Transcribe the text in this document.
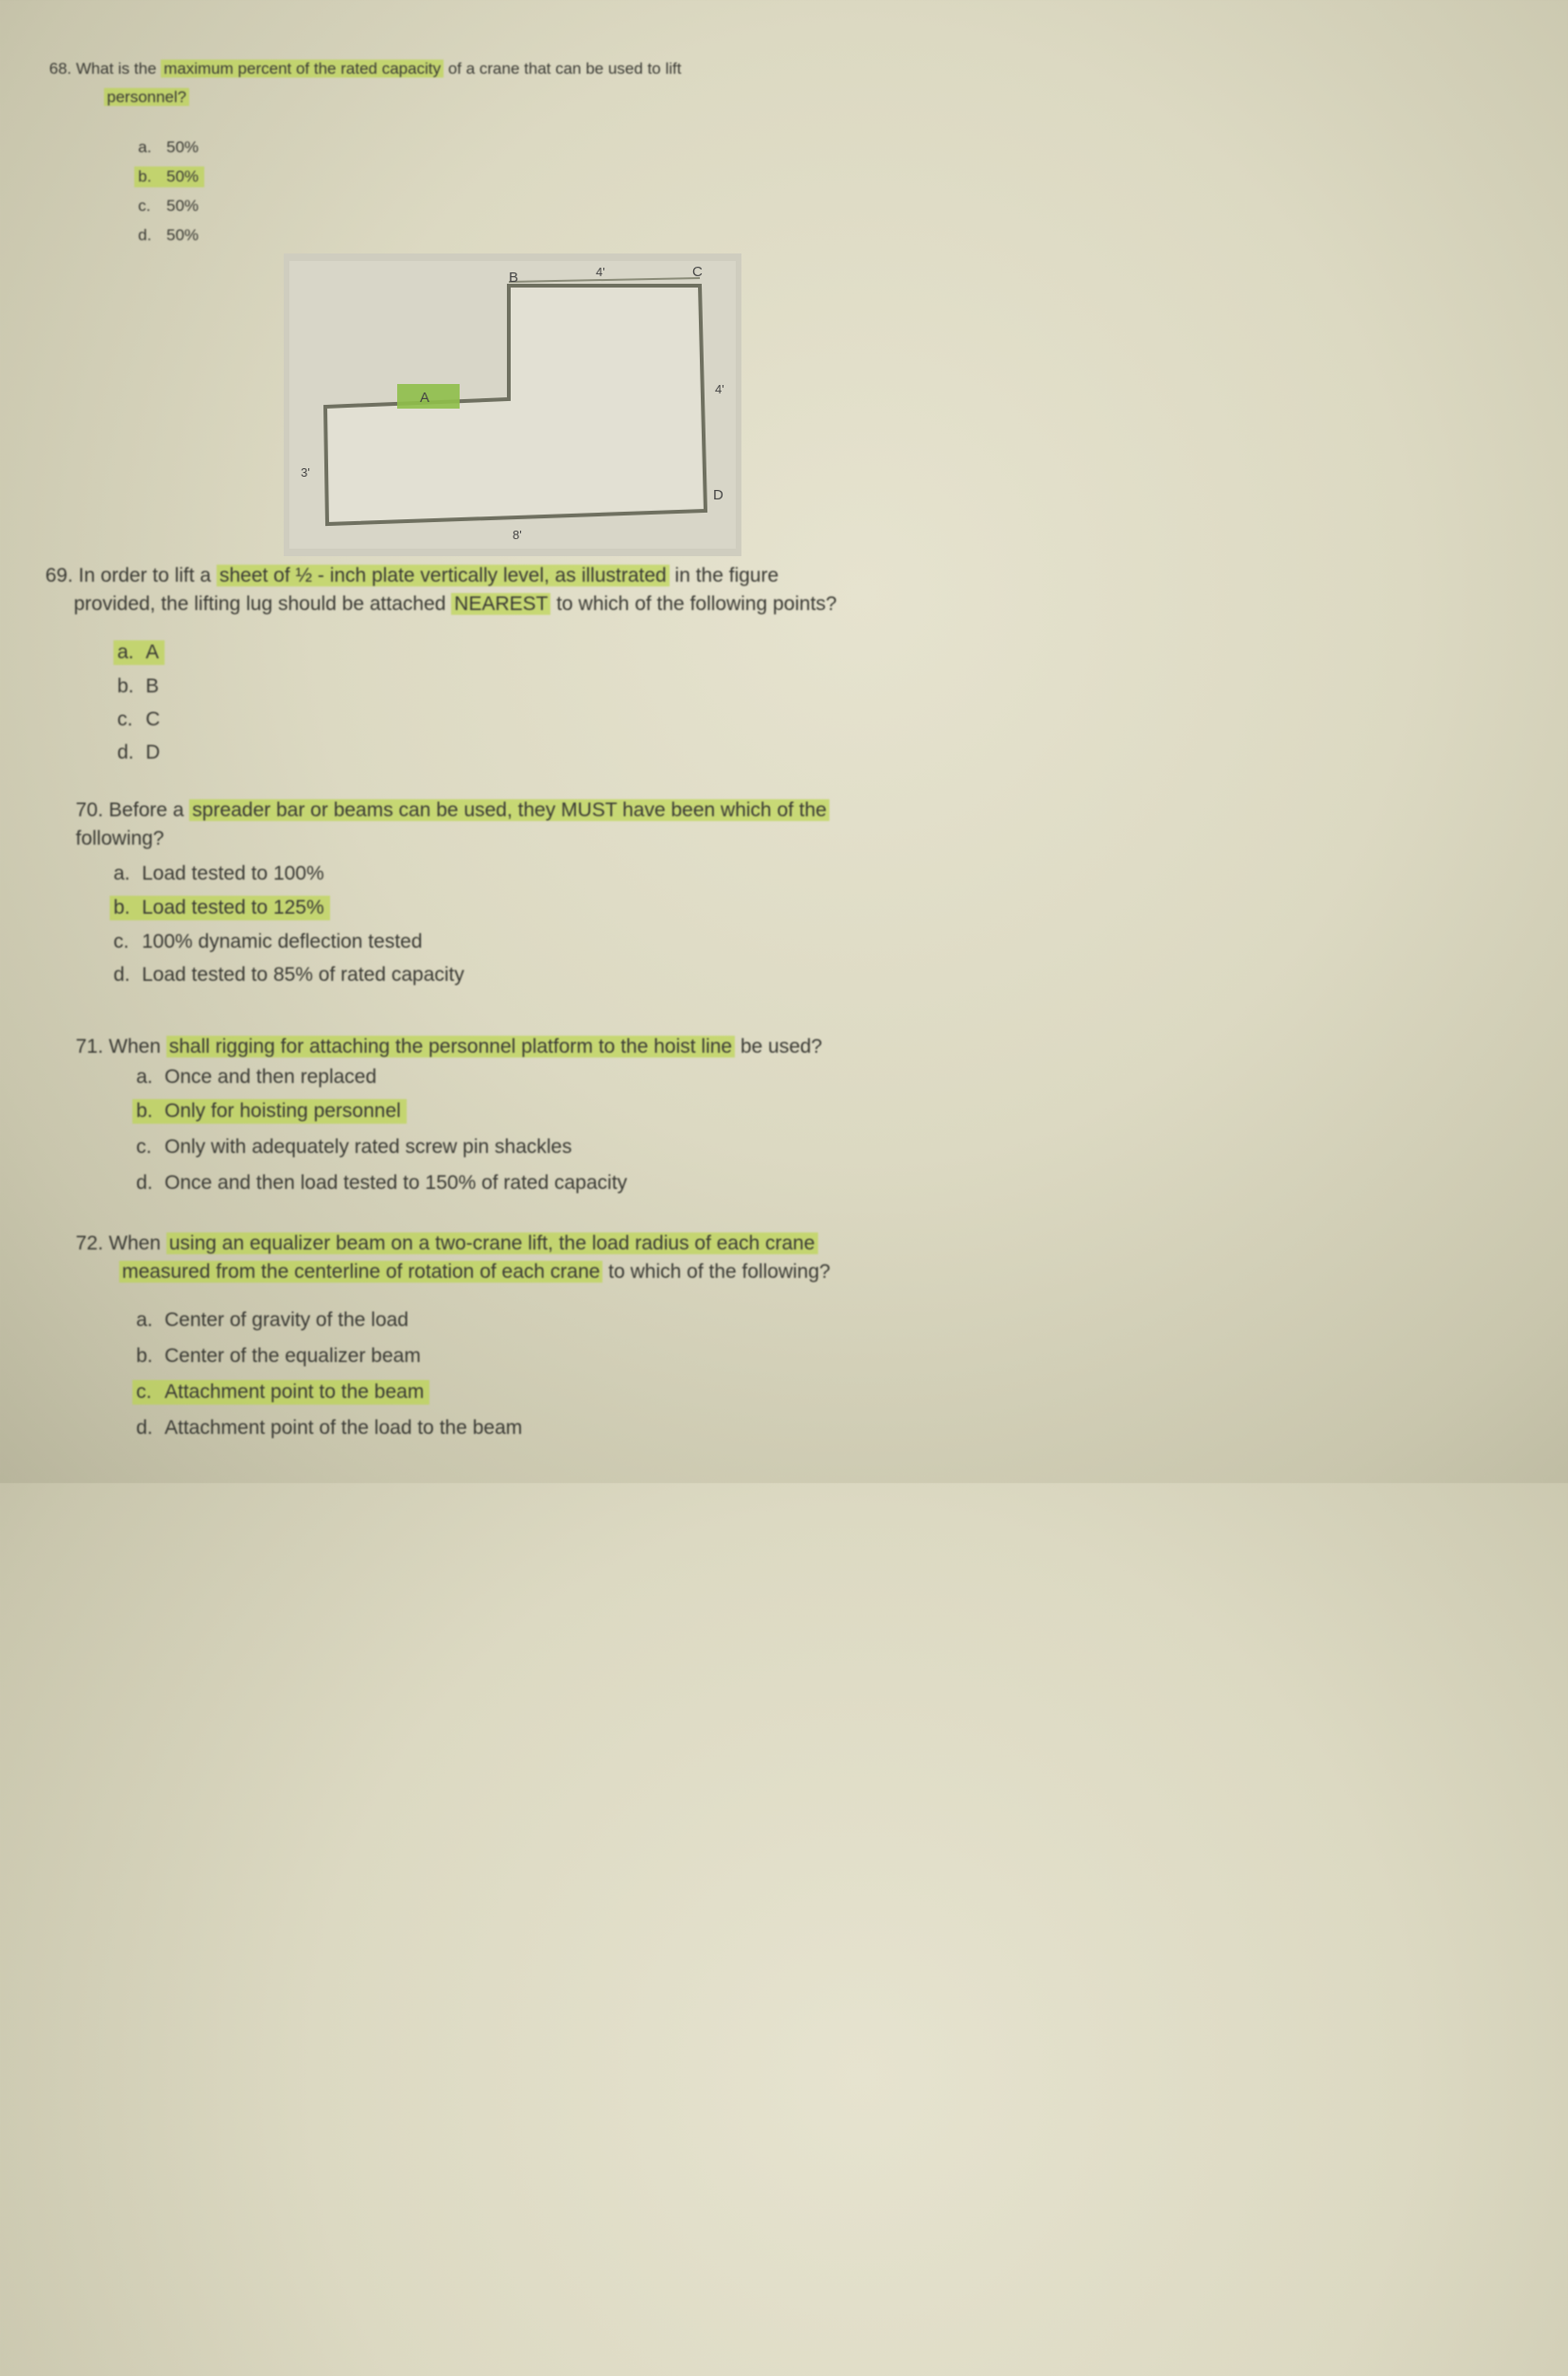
68. What is the maximum percent of the rated capacity of a crane that can be used to lift
personnel?
a. 50%
b. 50%
c. 50%
d. 50%
B	4'	C
A
4'
3'
D
8'
69. In order to lift a sheet of ½ - inch plate vertically level, as illustrated in the figure
provided, the lifting lug should be attached NEAREST to which of the following points?
a. A
b. B
c. C
d. D
70. Before a spreader bar or beams can be used, they MUST have been which of the
following?
a. Load tested to 100%
b. Load tested to 125%
c. 100% dynamic deflection tested
d. Load tested to 85% of rated capacity
71. When shall rigging for attaching the personnel platform to the hoist line be used?
a. Once and then replaced
b. Only for hoisting personnel
c. Only with adequately rated screw pin shackles
d. Once and then load tested to 150% of rated capacity
72. When using an equalizer beam on a two-crane lift, the load radius of each crane
measured from the centerline of rotation of each crane to which of the following?
a. Center of gravity of the load
b. Center of the equalizer beam
c. Attachment point to the beam
d. Attachment point of the load to the beam
